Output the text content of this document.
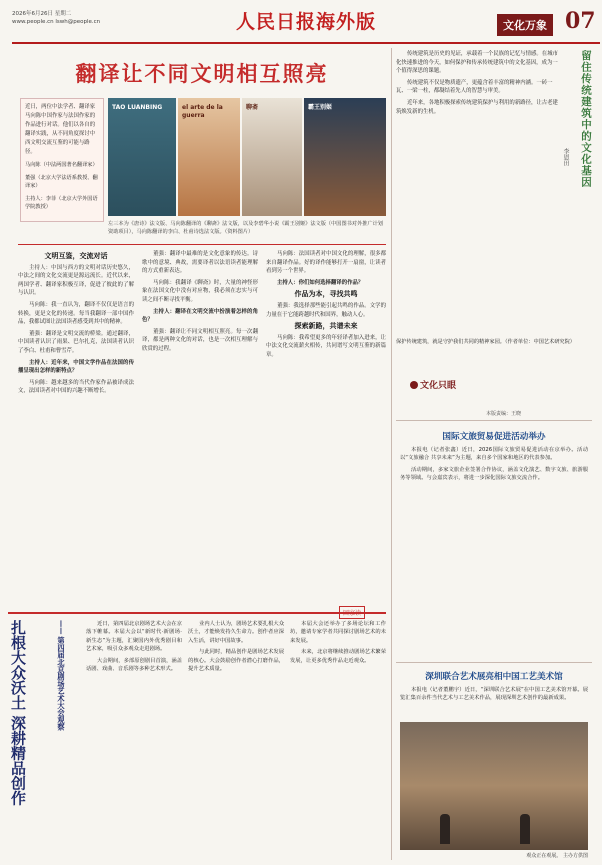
2026年6月26日 星期二
www.people.cn lswh@people.cn	人民日报海外版	文化万象 07
翻译让不同文明相互照亮
近日，两位中法学者、翻译家马向陈中国作家与法国作家的作品进行对话。他们以各自的翻译实践，从不同角度探讨中西文明交流互鉴的可能与路径。
马向陈（中法两国著名翻译家）
董强（北京大学法语系教授、翻译家）
主持人：李菲（北京大学外国语学院教授）
TAO LUANBING	el arte de la guerra
聊斋	霸王别姬
左三本为《唐诗》法文版、马向陈翻译的《聊斋》法文版，以及李碧华小说《霸王别姬》法文版（中国图书对外推广计划资助项目），马向陈翻译的李白、杜甫诗选法文版。（资料图片）
文明互鉴，交流对话

主持人：中国与西方的文明对话历史悠久，中法之间的文化交流更是源远流长。近代以来，两国学者、翻译家积极互译，促进了彼此的了解与认识。

马向陈：我一直认为，翻译不仅仅是语言的转换，更是文化的传递。每当我翻译一部中国作品，我都试图让法国读者感受到其中的精神。

董强：翻译是文明交流的桥梁。通过翻译，中国读者认识了雨果、巴尔扎克，法国读者认识了李白、杜甫和曹雪芹。

主持人：近年来，中国文学作品在法国的传播呈现出怎样的新特点？

马向陈：越来越多的当代作家作品被译成法文，法国读者对中国的兴趣不断增长。

董强：翻译中最难的是文化意象的传达。诗歌中的意境、典故，需要译者以法语读者能理解的方式重新表达。

马向陈：我翻译《聊斋》时，大量的神怪形象在法国文化中没有对应物，我必须在忠实与可读之间不断寻找平衡。

主持人：翻译在文明交流中扮演着怎样的角色？

董强：翻译让不同文明相互照亮。每一次翻译，都是两种文化的对话，也是一次相互理解与欣赏的过程。

马向陈：法国读者对中国文化的理解，很多都来自翻译作品。好的译作能够打开一扇窗，让读者看到另一个世界。

主持人：你们如何选择翻译的作品？

作品为本，寻找共鸣

董强：我选择那些能引起共鸣的作品。文学的力量在于它能跨越时代和国界，触动人心。

探索新路，共谱未来

马向陈：我希望更多的年轻译者加入进来，让中法文化交流薪火相传，共同谱写文明互鉴的新篇章。

留住传统建筑中的文化基因
李恩田

传统建筑是历史的见证，承载着一个民族的记忆与情感。在城市化快速推进的今天，如何保护和传承传统建筑中的文化基因，成为一个值得深思的课题。

传统建筑不仅是物质遗产，更蕴含着丰富的精神内涵。一砖一瓦、一梁一柱，都凝结着先人的智慧与审美。

近年来，各地积极探索传统建筑保护与利用的新路径，让古老建筑焕发新的生机。

保护传统建筑，就是守护我们共同的精神家园。（作者单位：中国艺术研究院）
文化只眼
本版责编：王晓
国际文旅贸易促进活动举办

本报电（记者张鑫）近日，2026国际文旅贸易促进活动在京举办。活动以“文旅融合 共享未来”为主题，来自多个国家和地区的代表参加。

活动期间，多家文旅企业签署合作协议，涵盖文化演艺、数字文旅、旅游服务等领域。与会嘉宾表示，将进一步深化国际文旅交流合作。

深圳联合艺术展亮相中国工艺美术馆

本报电（记者董鹏宇）近日，“深圳联合艺术展”在中国工艺美术馆开幕。展览汇集百余件当代艺术与工艺美术作品，展现深圳艺术创作的最新成果。

观众正在观展。 主办方供图
扎根大众沃土 深耕精品创作	—— 第四届北京剧场艺术大会观察	近日，第四届北京剧场艺术大会在京落下帷幕。本届大会以“新时代·新剧场·新生态”为主题，汇聚国内外优秀剧目和艺术家，吸引众多观众走进剧场。

大会期间，多部原创剧目首演，涵盖话剧、戏曲、音乐剧等多种艺术形式。

业内人士认为，剧场艺术要扎根大众沃土，才能焕发持久生命力。创作者应深入生活，讲好中国故事。

与此同时，精品创作是剧场艺术发展的核心。大会鼓励创作者潜心打磨作品，提升艺术质量。

本届大会还举办了多场论坛和工作坊，邀请专家学者共同探讨剧场艺术的未来发展。

未来，北京将继续推动剧场艺术繁荣发展，让更多优秀作品走近观众。
